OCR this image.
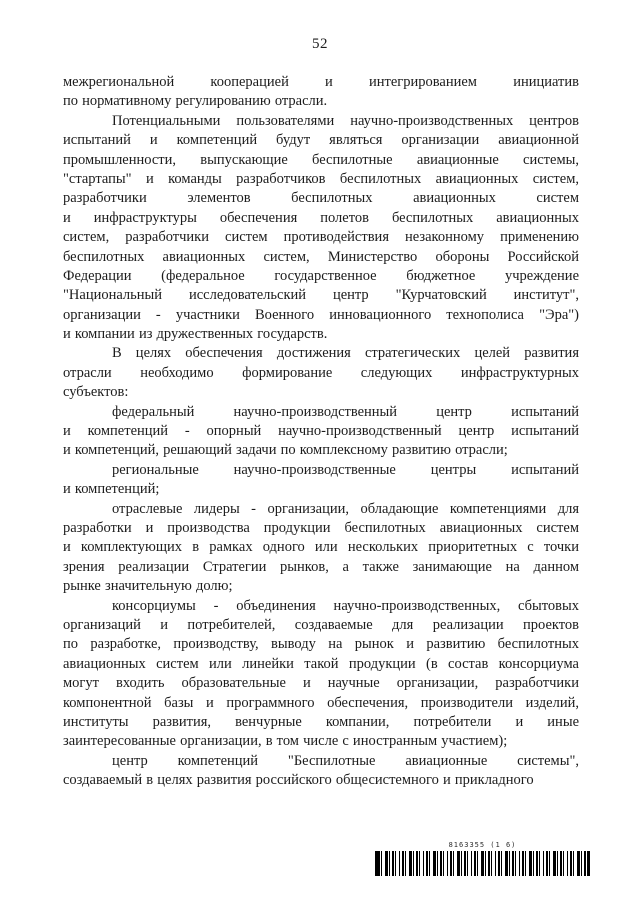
52
межрегиональной кооперацией и интегрированием инициатив
по нормативному регулированию отрасли.
Потенциальными пользователями научно-производственных центров
испытаний и компетенций будут являться организации авиационной
промышленности, выпускающие беспилотные авиационные системы,
"стартапы" и команды разработчиков беспилотных авиационных систем,
разработчики элементов беспилотных авиационных систем
и инфраструктуры обеспечения полетов беспилотных авиационных
систем, разработчики систем противодействия незаконному применению
беспилотных авиационных систем, Министерство обороны Российской
Федерации (федеральное государственное бюджетное учреждение
"Национальный исследовательский центр "Курчатовский институт",
организации - участники Военного инновационного технополиса "Эра")
и компании из дружественных государств.
В целях обеспечения достижения стратегических целей развития
отрасли необходимо формирование следующих инфраструктурных
субъектов:
федеральный научно-производственный центр испытаний
и компетенций - опорный научно-производственный центр испытаний
и компетенций, решающий задачи по комплексному развитию отрасли;
региональные научно-производственные центры испытаний
и компетенций;
отраслевые лидеры - организации, обладающие компетенциями для
разработки и производства продукции беспилотных авиационных систем
и комплектующих в рамках одного или нескольких приоритетных с точки
зрения реализации Стратегии рынков, а также занимающие на данном
рынке значительную долю;
консорциумы - объединения научно-производственных, сбытовых
организаций и потребителей, создаваемые для реализации проектов
по разработке, производству, выводу на рынок и развитию беспилотных
авиационных систем или линейки такой продукции (в состав консорциума
могут входить образовательные и научные организации, разработчики
компонентной базы и программного обеспечения, производители изделий,
институты развития, венчурные компании, потребители и иные
заинтересованные организации, в том числе с иностранным участием);
центр компетенций "Беспилотные авиационные системы",
создаваемый в целях развития российского общесистемного и прикладного
8163355 (1 6)
